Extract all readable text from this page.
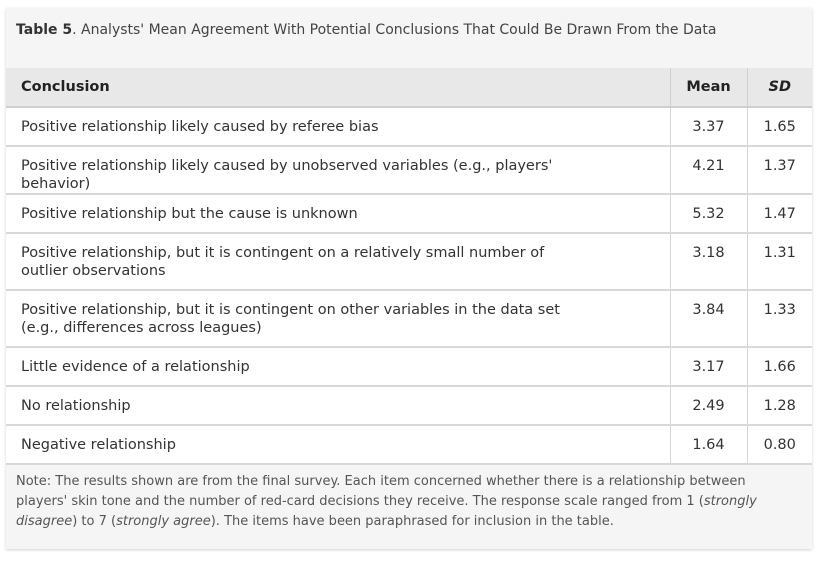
Table 5. Analysts' Mean Agreement With Potential Conclusions That Could Be Drawn From the Data
Conclusion	Mean	SD
Positive relationship likely caused by referee bias	3.37	1.65
Positive relationship likely caused by unobserved variables (e.g., players' behavior)	4.21	1.37
Positive relationship but the cause is unknown	5.32	1.47
Positive relationship, but it is contingent on a relatively small number of outlier observations	3.18	1.31
Positive relationship, but it is contingent on other variables in the data set (e.g., differences across leagues)	3.84	1.33
Little evidence of a relationship	3.17	1.66
No relationship	2.49	1.28
Negative relationship	1.64	0.80
Note: The results shown are from the final survey. Each item concerned whether there is a relationship between players' skin tone and the number of red-card decisions they receive. The response scale ranged from 1 (strongly disagree) to 7 (strongly agree). The items have been paraphrased for inclusion in the table.
